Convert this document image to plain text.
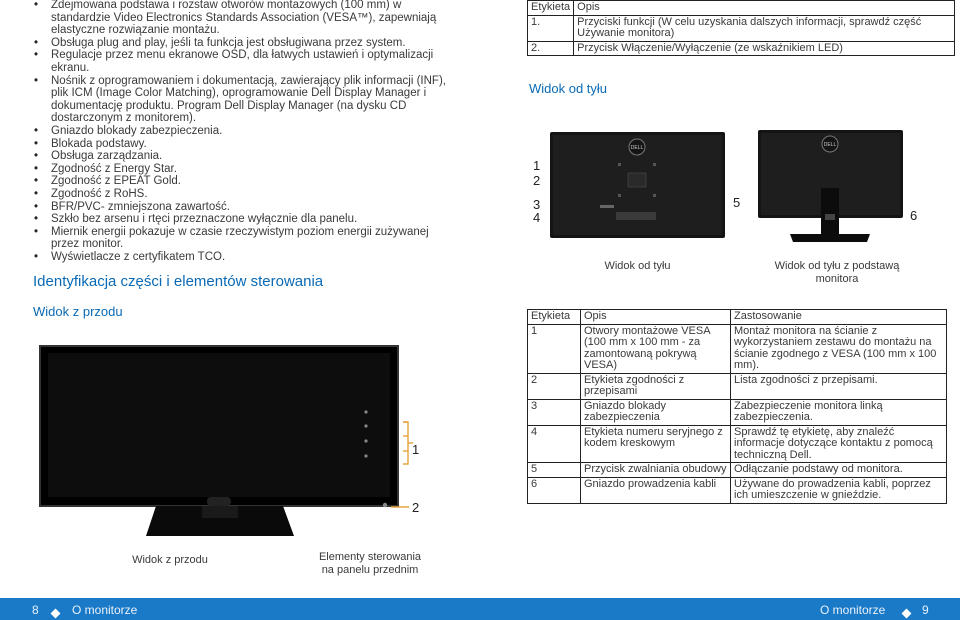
• Zdejmowana podstawa i rozstaw otworów montażowych (100 mm) w standardzie Video Electronics Standards Association (VESA™), zapewniają elastyczne rozwiązanie montażu.
• Obsługa plug and play, jeśli ta funkcja jest obsługiwana przez system.
• Regulacje przez menu ekranowe OSD, dla łatwych ustawień i optymalizacji ekranu.
• Nośnik z oprogramowaniem i dokumentacją, zawierający plik informacji (INF), plik ICM (Image Color Matching), oprogramowanie Dell Display Manager i dokumentację produktu. Program Dell Display Manager (na dysku CD dostarczonym z monitorem).
• Gniazdo blokady zabezpieczenia.
• Blokada podstawy.
• Obsługa zarządzania.
• Zgodność z Energy Star.
• Zgodność z EPEAT Gold.
• Zgodność z RoHS.
• BFR/PVC- zmniejszona zawartość.
• Szkło bez arsenu i rtęci przeznaczone wyłącznie dla panelu.
• Miernik energii pokazuje w czasie rzeczywistym poziom energii zużywanej przez monitor.
• Wyświetlacze z certyfikatem TCO.
Identyfikacja części i elementów sterowania
Widok z przodu
1
2
Widok z przodu	Elementy sterowania na panelu przednim
Etykieta	Opis
1.	Przyciski funkcji (W celu uzyskania dalszych informacji, sprawdź część Używanie monitora)
2.	Przycisk Włączenie/Wyłączenie (ze wskaźnikiem LED)
Widok od tyłu
DELL
1
2
3
4
5
DELL
6
Widok od tyłu	Widok od tyłu z podstawą monitora
Etykieta	Opis	Zastosowanie
1	Otwory montażowe VESA (100 mm x 100 mm - za zamontowaną pokrywą VESA)	Montaż monitora na ścianie z wykorzystaniem zestawu do montażu na ścianie zgodnego z VESA (100 mm x 100 mm).
2	Etykieta zgodności z przepisami	Lista zgodności z przepisami.
3	Gniazdo blokady zabezpieczenia	Zabezpieczenie monitora linką zabezpieczenia.
4	Etykieta numeru seryjnego z kodem kreskowym	Sprawdź tę etykietę, aby znaleźć informacje dotyczące kontaktu z pomocą techniczną Dell.
5	Przycisk zwalniania obudowy	Odłączanie podstawy od monitora.
6	Gniazdo prowadzenia kabli	Używane do prowadzenia kabli, poprzez ich umieszczenie w gnieździe.
8	O monitorze	O monitorze	9
